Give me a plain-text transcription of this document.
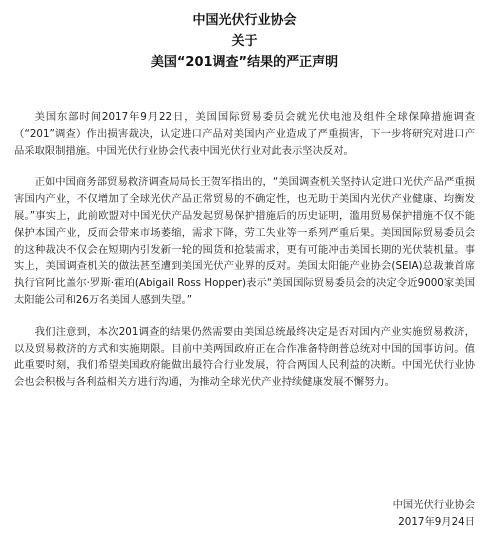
中国光伏行业协会
关于
美国“201调查”结果的严正声明

美国东部时间2017年9月22日，美国国际贸易委员会就光伏电池及组件全球保障措施调查（“201”调查）作出损害裁决，认定进口产品对美国内产业造成了严重损害，下一步将研究对进口产品采取限制措施。中国光伏行业协会代表中国光伏行业对此表示坚决反对。

正如中国商务部贸易救济调查局局长王贺军指出的，“美国调查机关坚持认定进口光伏产品严重损害国内产业，不仅增加了全球光伏产品正常贸易的不确定性，也无助于美国内光伏产业健康、均衡发展。”事实上，此前欧盟对中国光伏产品发起贸易保护措施后的历史证明，滥用贸易保护措施不仅不能保护本国产业，反而会带来市场萎缩，需求下降，劳工失业等一系列严重后果。美国国际贸易委员会的这种裁决不仅会在短期内引发新一轮的囤货和抢装需求，更有可能冲击美国长期的光伏装机量。事实上，美国调查机关的做法甚至遭到美国光伏产业界的反对。美国太阳能产业协会(SEIA)总裁兼首席执行官阿比盖尔·罗斯·霍珀(Abigail Ross Hopper)表示“美国国际贸易委员会的决定令近9000家美国太阳能公司和26万名美国人感到失望。”

我们注意到，本次201调查的结果仍然需要由美国总统最终决定是否对国内产业实施贸易救济，以及贸易救济的方式和实施期限。目前中美两国政府正在合作准备特朗普总统对中国的国事访问。值此重要时刻，我们希望美国政府能做出最符合行业发展，符合两国人民利益的决断。中国光伏行业协会也会积极与各利益相关方进行沟通，为推动全球光伏产业持续健康发展不懈努力。

中国光伏行业协会
2017年9月24日
